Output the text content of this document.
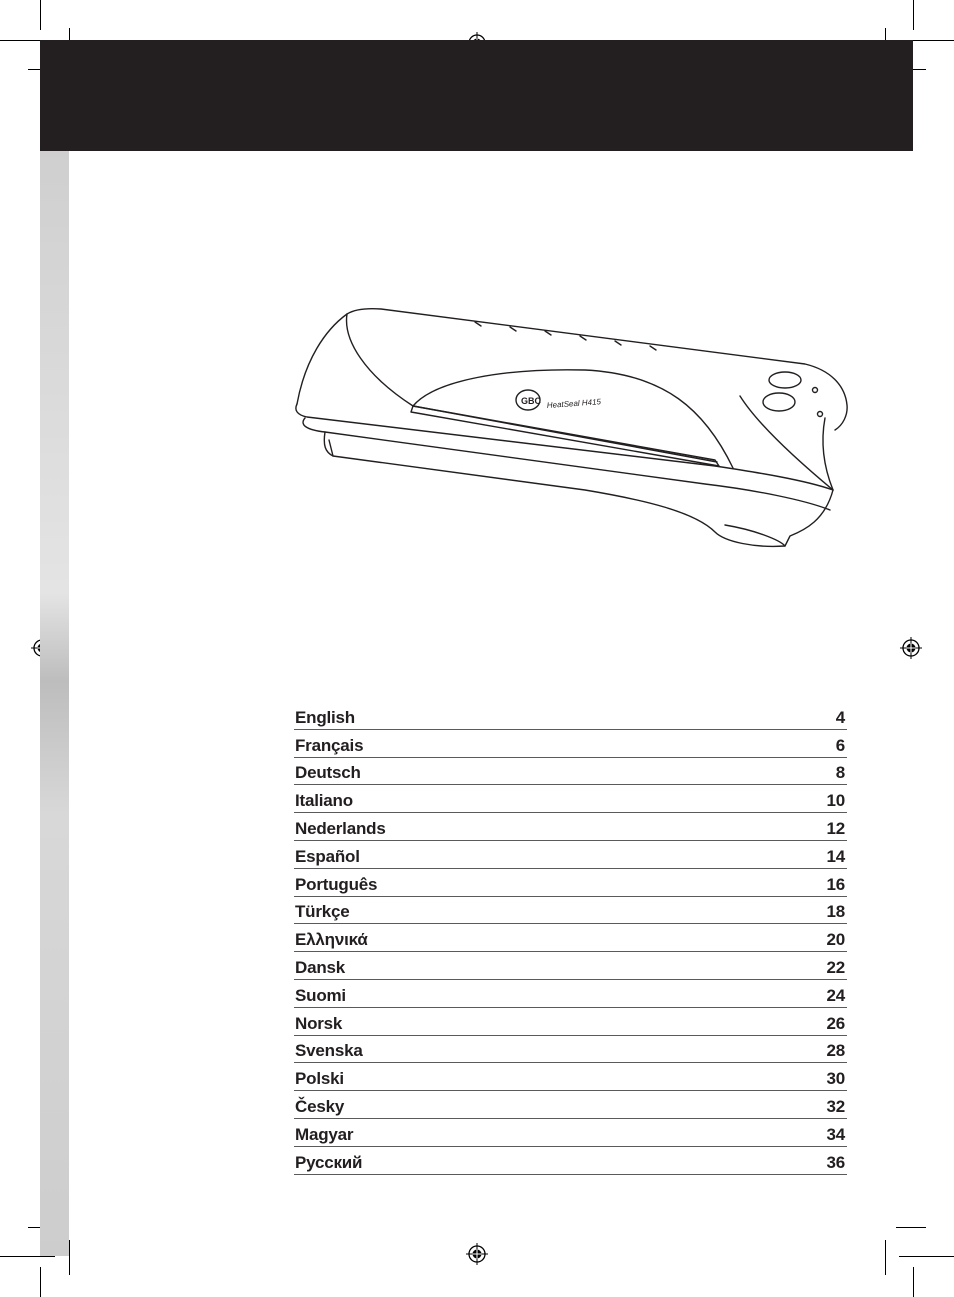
GBC HeatSeal H415
English	4
Français	6
Deutsch	8
Italiano	10
Nederlands	12
Español	14
Português	16
Türkçe	18
Ελληνικά	20
Dansk	22
Suomi	24
Norsk	26
Svenska	28
Polski	30
Česky	32
Magyar	34
Русский	36
